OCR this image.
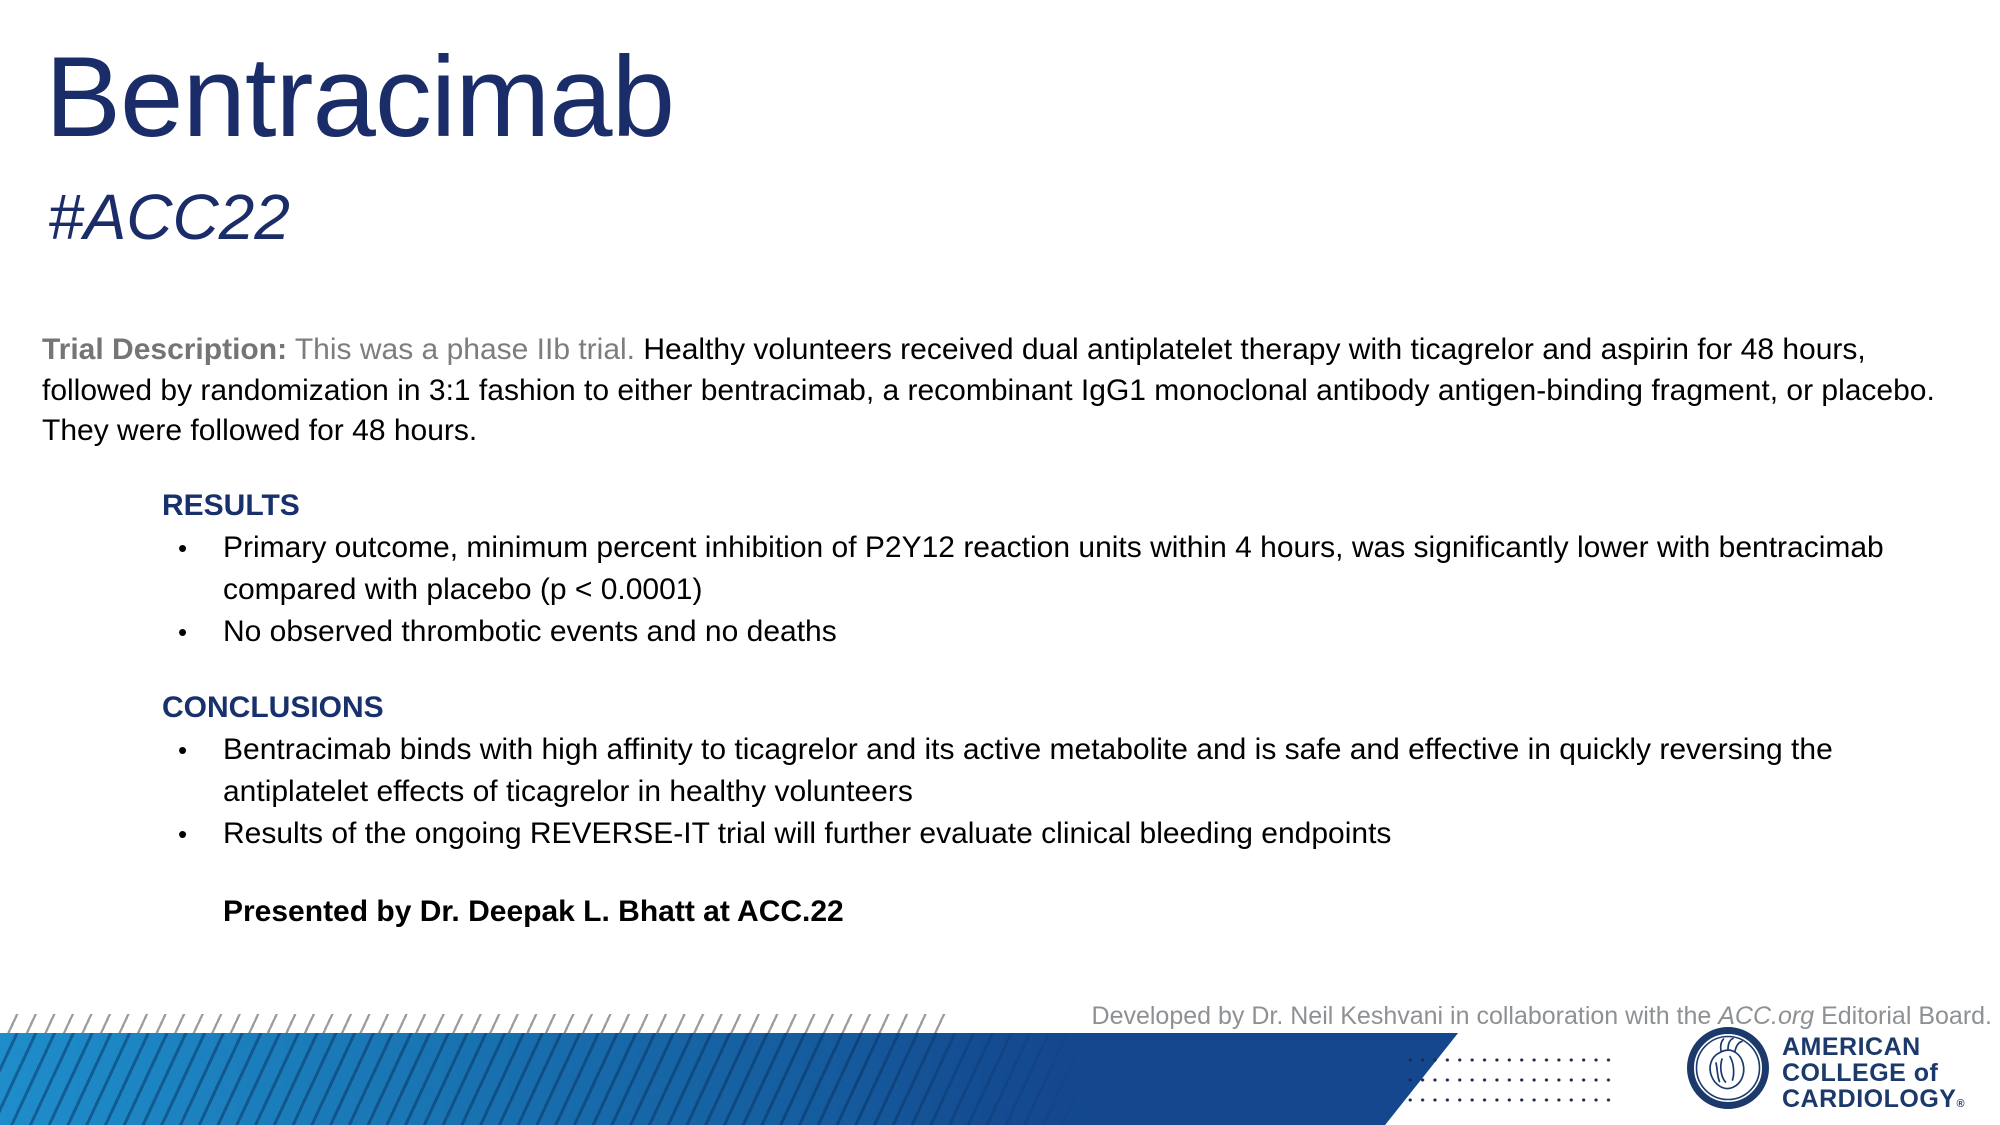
Bentracimab
#ACC22
Trial Description: This was a phase IIb trial. Healthy volunteers received dual antiplatelet therapy with ticagrelor and aspirin for 48 hours, followed by randomization in 3:1 fashion to either bentracimab, a recombinant IgG1 monoclonal antibody antigen-binding fragment, or placebo. They were followed for 48 hours.
RESULTS
•	Primary outcome, minimum percent inhibition of P2Y12 reaction units within 4 hours, was significantly lower with bentracimab compared with placebo (p < 0.0001)
•	No observed thrombotic events and no deaths
CONCLUSIONS
•	Bentracimab binds with high affinity to ticagrelor and its active metabolite and is safe and effective in quickly reversing the antiplatelet effects of ticagrelor in healthy volunteers
•	Results of the ongoing REVERSE-IT trial will further evaluate clinical bleeding endpoints
Presented by Dr. Deepak L. Bhatt at ACC.22
Developed by Dr. Neil Keshvani in collaboration with the ACC.org Editorial Board.
AMERICAN
COLLEGE of
CARDIOLOGY®
